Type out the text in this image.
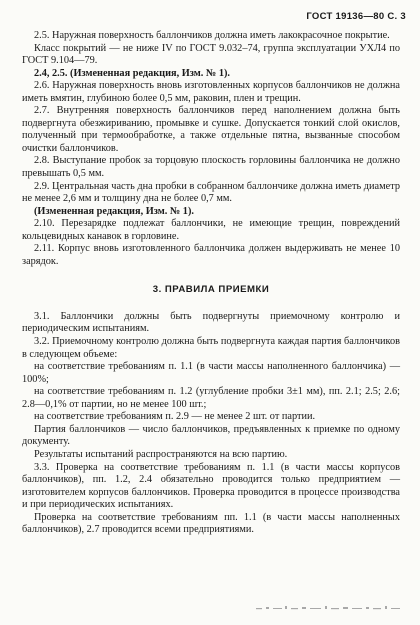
ГОСТ 19136—80 С. 3

2.5. Наружная поверхность баллончиков должна иметь лакокрасочное покрытие.

Класс покрытий — не ниже IV по ГОСТ 9.032–74, группа эксплуатации УХЛ4 по ГОСТ 9.104—79.

2.4, 2.5. (Измененная редакция, Изм. № 1).

2.6. Наружная поверхность вновь изготовленных корпусов баллончиков не должна иметь вмятин, глубиною более 0,5 мм, раковин, плен и трещин.

2.7. Внутренняя поверхность баллончиков перед наполнением должна быть подвергнута обезжириванию, промывке и сушке. Допускается тонкий слой окислов, полученный при термообработке, а также отдельные пятна, вызванные способом очистки баллончиков.

2.8. Выступание пробок за торцовую плоскость горловины баллончика не должно превышать 0,5 мм.

2.9. Центральная часть дна пробки в собранном баллончике должна иметь диаметр не менее 2,6 мм и толщину дна не более 0,7 мм.

(Измененная редакция, Изм. № 1).

2.10. Перезарядке подлежат баллончики, не имеющие трещин, повреждений кольцевидных канавок в горловине.

2.11. Корпус вновь изготовленного баллончика должен выдерживать не менее 10 зарядок.

3. ПРАВИЛА ПРИЕМКИ

3.1. Баллончики должны быть подвергнуты приемочному контролю и периодическим испытаниям.

3.2. Приемочному контролю должна быть подвергнута каждая партия баллончиков в следующем объеме:

на соответствие требованиям п. 1.1 (в части массы наполненного баллончика) — 100%;

на соответствие требованиям п. 1.2 (углубление пробки 3±1 мм), пп. 2.1; 2.5; 2.6; 2.8—0,1% от партии, но не менее 100 шт.;

на соответствие требованиям п. 2.9 — не менее 2 шт. от партии.

Партия баллончиков — число баллончиков, предъявленных к приемке по одному документу.

Результаты испытаний распространяются на всю партию.

3.3. Проверка на соответствие требованиям п. 1.1 (в части массы корпусов баллончиков), пп. 1.2, 2.4 обязательно проводится только предприятием — изготовителем корпусов баллончиков. Проверка проводится в процессе производства и при периодических испытаниях.

Проверка на соответствие требованиям пп. 1.1 (в части массы наполненных баллончиков), 2.7 проводится всеми предприятиями.
